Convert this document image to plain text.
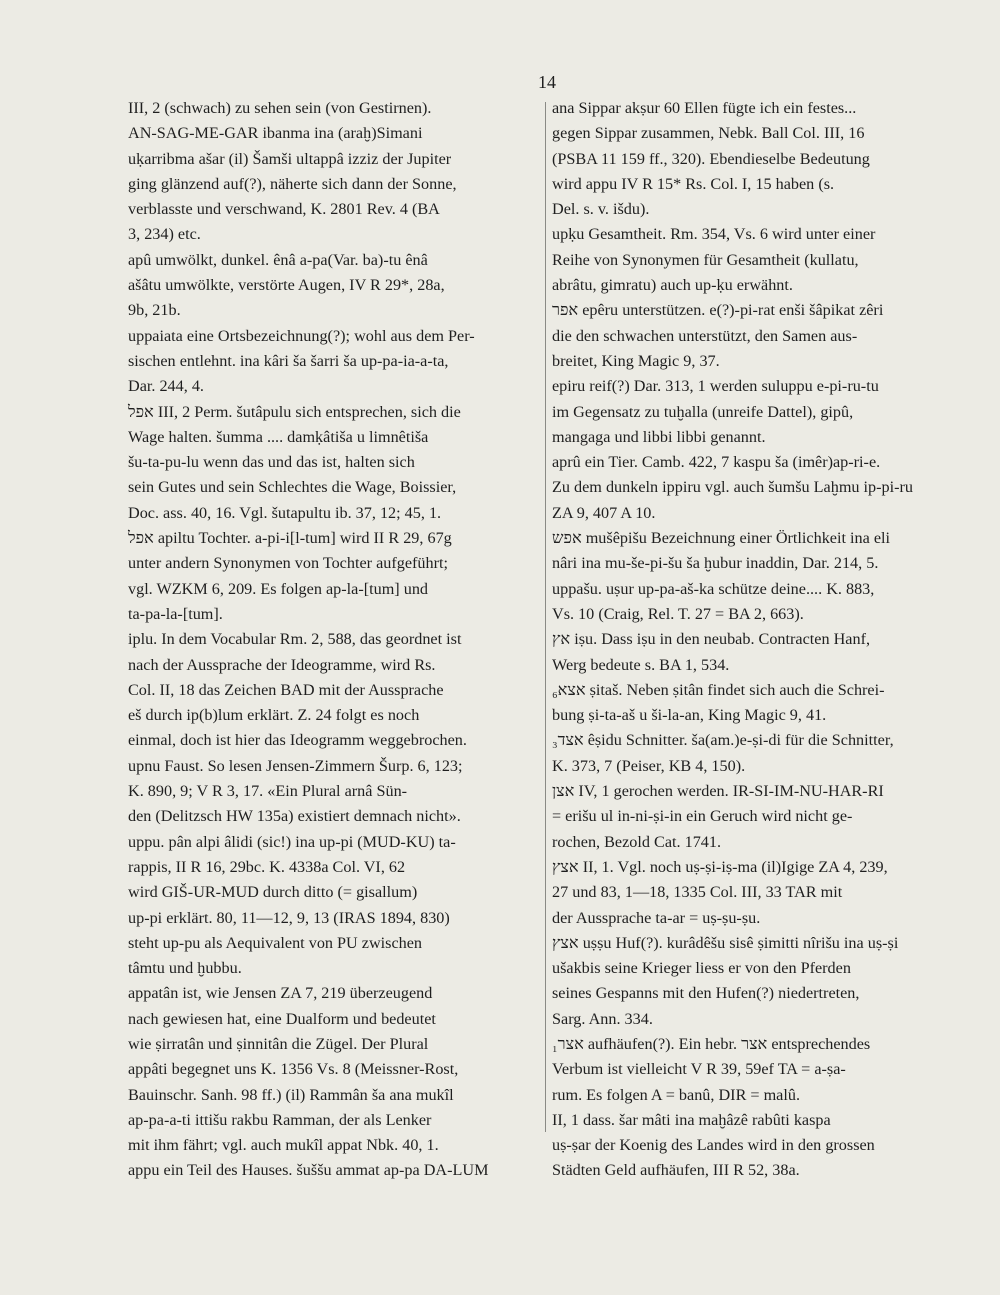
14
III, 2 (schwach) zu sehen sein (von Gestirnen).
AN-SAG-ME-GAR ibanma ina (araḫ)Simani
uḳarribma ašar (il) Šamši ultappâ izziz der Jupiter
ging glänzend auf(?), näherte sich dann der Sonne,
verblasste und verschwand, K. 2801 Rev. 4 (BA
3, 234) etc.
apû umwölkt, dunkel. ênâ a-pa(Var. ba)-tu ênâ
ašâtu umwölkte, verstörte Augen, IV R 29*, 28a,
9b, 21b.
uppaiata eine Ortsbezeichnung(?); wohl aus dem Per-
sischen entlehnt. ina kâri ša šarri ša up-pa-ia-a-ta,
Dar. 244, 4.
אפל III, 2 Perm. šutâpulu sich entsprechen, sich die
Wage halten. šumma .... damḳâtiša u limnêtiša
šu-ta-pu-lu wenn das und das ist, halten sich
sein Gutes und sein Schlechtes die Wage, Boissier,
Doc. ass. 40, 16. Vgl. šutapultu ib. 37, 12; 45, 1.
אפל apiltu Tochter. a-pi-i[l-tum] wird II R 29, 67g
unter andern Synonymen von Tochter aufgeführt;
vgl. WZKM 6, 209. Es folgen ap-la-[tum] und
ta-pa-la-[tum].
iplu. In dem Vocabular Rm. 2, 588, das geordnet ist
nach der Aussprache der Ideogramme, wird Rs.
Col. II, 18 das Zeichen BAD mit der Aussprache
eš durch ip(b)lum erklärt. Z. 24 folgt es noch
einmal, doch ist hier das Ideogramm weggebrochen.
upnu Faust. So lesen Jensen-Zimmern Šurp. 6, 123;
K. 890, 9; V R 3, 17. «Ein Plural arnâ Sün-
den (Delitzsch HW 135a) existiert demnach nicht».
uppu. pân alpi âlidi (sic!) ina up-pi (MUD-KU) ta-
rappis, II R 16, 29bc. K. 4338a Col. VI, 62
wird GIŠ-UR-MUD durch ditto (= gisallum)
up-pi erklärt. 80, 11—12, 9, 13 (IRAS 1894, 830)
steht up-pu als Aequivalent von PU zwischen
tâmtu und ḫubbu.
appatân ist, wie Jensen ZA 7, 219 überzeugend
nach gewiesen hat, eine Dualform und bedeutet
wie ṣirratân und ṣinnitân die Zügel. Der Plural
appâti begegnet uns K. 1356 Vs. 8 (Meissner-Rost,
Bauinschr. Sanh. 98 ff.) (il) Rammân ša ana mukîl
ap-pa-a-ti ittišu rakbu Ramman, der als Lenker
mit ihm fährt; vgl. auch mukîl appat Nbk. 40, 1.
appu ein Teil des Hauses. šuššu ammat ap-pa DA-LUM
ana Sippar akṣur 60 Ellen fügte ich ein festes...
gegen Sippar zusammen, Nebk. Ball Col. III, 16
(PSBA 11 159 ff., 320). Ebendieselbe Bedeutung
wird appu IV R 15* Rs. Col. I, 15 haben (s.
Del. s. v. išdu).
upḳu Gesamtheit. Rm. 354, Vs. 6 wird unter einer
Reihe von Synonymen für Gesamtheit (kullatu,
abrâtu, gimratu) auch up-ḳu erwähnt.
אפר epêru unterstützen. e(?)-pi-rat enši šâpikat zêri
die den schwachen unterstützt, den Samen aus-
breitet, King Magic 9, 37.
epiru reif(?) Dar. 313, 1 werden suluppu e-pi-ru-tu
im Gegensatz zu tuḫalla (unreife Dattel), gipû,
mangaga und libbi libbi genannt.
aprû ein Tier. Camb. 422, 7 kaspu ša (imêr)ap-ri-e.
Zu dem dunkeln ippiru vgl. auch šumšu Laḫmu ip-pi-ru
ZA 9, 407 A 10.
אפש mušêpišu Bezeichnung einer Örtlichkeit ina eli
nâri ina mu-še-pi-šu ša ḫubur inaddin, Dar. 214, 5.
uppašu. uṣur up-pa-aš-ka schütze deine.... K. 883,
Vs. 10 (Craig, Rel. T. 27 = BA 2, 663).
אץ iṣu. Dass iṣu in den neubab. Contracten Hanf,
Werg bedeute s. BA 1, 534.
אצא₆ ṣitaš. Neben ṣitân findet sich auch die Schrei-
bung ṣi-ta-aš u ši-la-an, King Magic 9, 41.
אצד₃ êṣidu Schnitter. ša(am.)e-ṣi-di für die Schnitter,
K. 373, 7 (Peiser, KB 4, 150).
אצן IV, 1 gerochen werden. IR-SI-IM-NU-HAR-RI
= erišu ul in-ni-ṣi-in ein Geruch wird nicht ge-
rochen, Bezold Cat. 1741.
אצץ II, 1. Vgl. noch uṣ-ṣi-iṣ-ma (il)Igige ZA 4, 239,
27 und 83, 1—18, 1335 Col. III, 33 TAR mit
der Aussprache ta-ar = uṣ-ṣu-ṣu.
אצץ uṣṣu Huf(?). kurâdêšu sisê ṣimitti nîrišu ina uṣ-ṣi
ušakbis seine Krieger liess er von den Pferden
seines Gespanns mit den Hufen(?) niedertreten,
Sarg. Ann. 334.
אצר₁ aufhäufen(?). Ein hebr. אצר entsprechendes
Verbum ist vielleicht V R 39, 59ef TA = a-ṣa-
rum. Es folgen A = banû, DIR = malû.
II, 1 dass. šar mâti ina maḫâzê rabûti kaspa
uṣ-ṣar der Koenig des Landes wird in den grossen
Städten Geld aufhäufen, III R 52, 38a.
